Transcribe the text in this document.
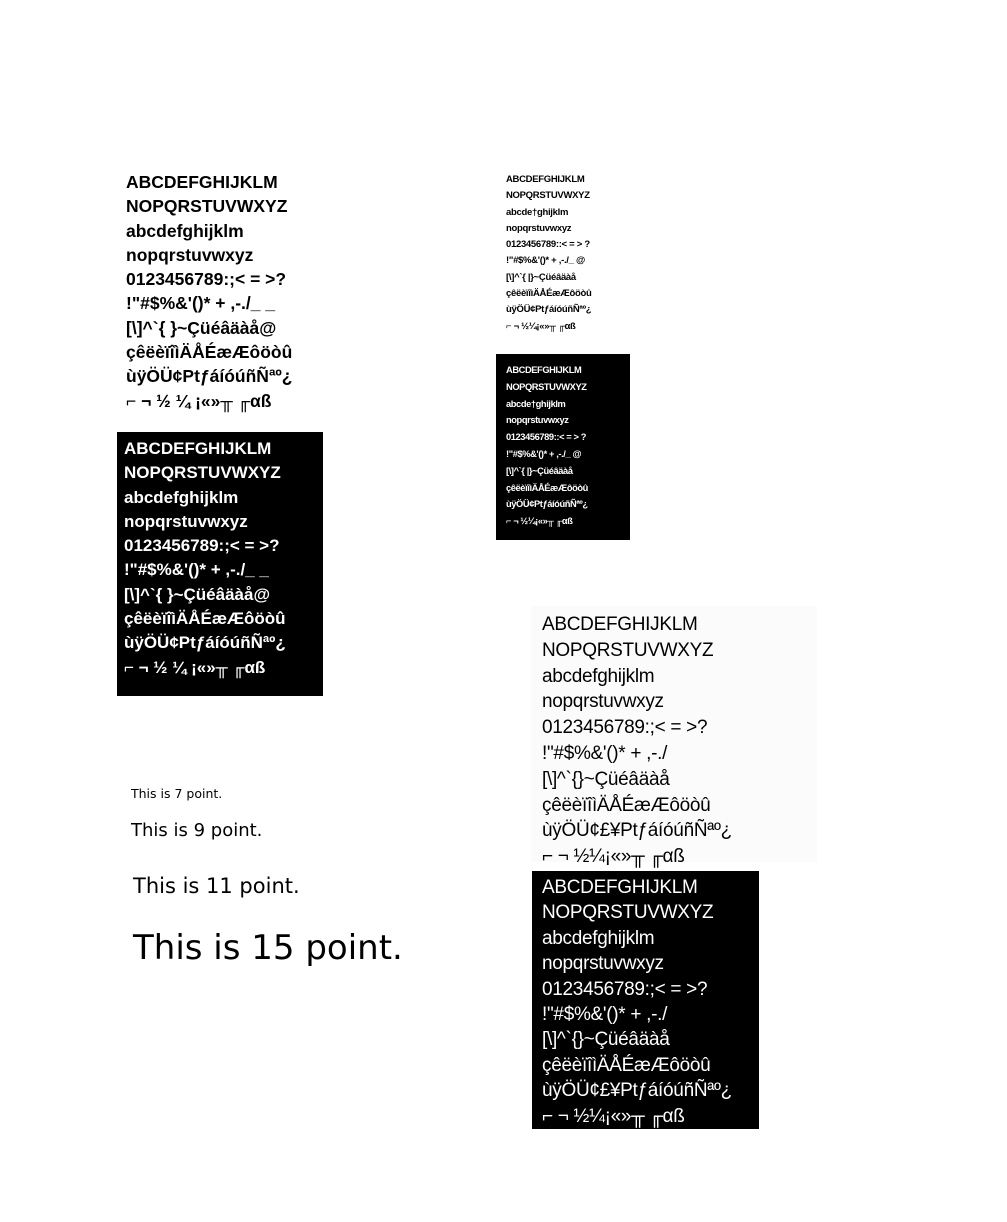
ABCDEFGHIJKLM
NOPQRSTUVWXYZ
abcdefghijklm
nopqrstuvwxyz
0123456789:;< = >?
!"#$%&'()* + ,-./_ _
[\]^`{ }~Çüéâäàå@
çêëèïîìÄÅÉæÆôöòû
ùÿÖÜ¢PtƒáíóúñÑªº¿
⌐ ¬ ½ ¼ ¡«»╥ ╓αß
ABCDEFGHIJKLM
NOPQRSTUVWXYZ
abcdefghijklm
nopqrstuvwxyz
0123456789:;< = >?
!"#$%&'()* + ,-./_ _
[\]^`{ }~Çüéâäàå@
çêëèïîìÄÅÉæÆôöòû
ùÿÖÜ¢PtƒáíóúñÑªº¿
⌐ ¬ ½ ¼ ¡«»╥ ╓αß
ABCDEFGHIJKLM
NOPQRSTUVWXYZ
abcde†ghijklm
nopqrstuvwxyz
0123456789::< = > ?
!"#$%&'()* + ,-./_ @
[\]^`{ |}~Çüéâäàå
çêëèïîìÄÅÉæÆôöòû
ùÿÖÜ¢PtƒáíóúñÑªº¿
⌐ ¬ ½¼¡«»╥ ╓αß
ABCDEFGHIJKLM
NOPQRSTUVWXYZ
abcde†ghijklm
nopqrstuvwxyz
0123456789::< = > ?
!"#$%&'()* + ,-./_ @
[\]^`{ |}~Çüéâäàå
çêëèïîìÄÅÉæÆôöòû
ùÿÖÜ¢PtƒáíóúñÑªº¿
⌐ ¬ ½¼¡«»╥ ╓αß
ABCDEFGHIJKLM
NOPQRSTUVWXYZ
abcdefghijklm
nopqrstuvwxyz
0123456789:;< = >?
!"#$%&'()* + ,-./
[\]^`{}~Çüéâäàå
çêëèïîìÄÅÉæÆôöòû
ùÿÖÜ¢£¥PtƒáíóúñÑªº¿
⌐ ¬ ½¼¡«»╥ ╓αß
ABCDEFGHIJKLM
NOPQRSTUVWXYZ
abcdefghijklm
nopqrstuvwxyz
0123456789:;< = >?
!"#$%&'()* + ,-./
[\]^`{}~Çüéâäàå
çêëèïîìÄÅÉæÆôöòû
ùÿÖÜ¢£¥PtƒáíóúñÑªº¿
⌐ ¬ ½¼¡«»╥ ╓αß
This is 7 point.
This is 9 point.
This is 11 point.
This is 15 point.
